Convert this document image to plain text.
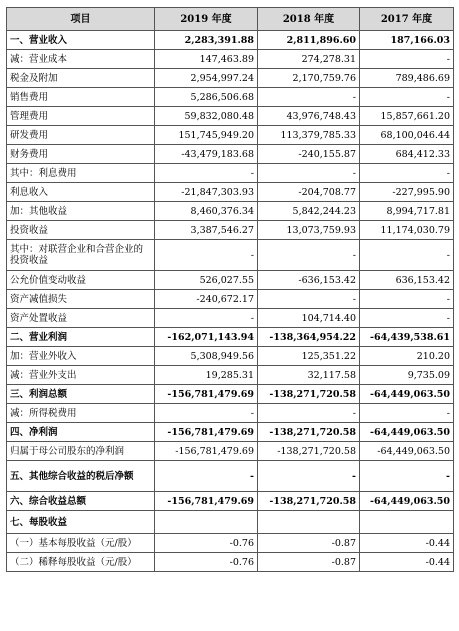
项目	2019 年度	2018 年度	2017 年度
一、营业收入	2,283,391.88	2,811,896.60	187,166.03
减：营业成本	147,463.89	274,278.31	-
税金及附加	2,954,997.24	2,170,759.76	789,486.69
销售费用	5,286,506.68	-	-
管理费用	59,832,080.48	43,976,748.43	15,857,661.20
研发费用	151,745,949.20	113,379,785.33	68,100,046.44
财务费用	-43,479,183.68	-240,155.87	684,412.33
其中：利息费用	-	-	-
利息收入	-21,847,303.93	-204,708.77	-227,995.90
加：其他收益	8,460,376.34	5,842,244.23	8,994,717.81
投资收益	3,387,546.27	13,073,759.93	11,174,030.79
其中：对联营企业和合营企业的投资收益	-	-	-
公允价值变动收益	526,027.55	-636,153.42	636,153.42
资产减值损失	-240,672.17	-	-
资产处置收益	-	104,714.40	-
二、营业利润	-162,071,143.94	-138,364,954.22	-64,439,538.61
加：营业外收入	5,308,949.56	125,351.22	210.20
减：营业外支出	19,285.31	32,117.58	9,735.09
三、利润总额	-156,781,479.69	-138,271,720.58	-64,449,063.50
减：所得税费用	-	-	-
四、净利润	-156,781,479.69	-138,271,720.58	-64,449,063.50
归属于母公司股东的净利润	-156,781,479.69	-138,271,720.58	-64,449,063.50
五、其他综合收益的税后净额	-	-	-
六、综合收益总额	-156,781,479.69	-138,271,720.58	-64,449,063.50
七、每股收益			
（一）基本每股收益（元/股）	-0.76	-0.87	-0.44
（二）稀释每股收益（元/股）	-0.76	-0.87	-0.44
